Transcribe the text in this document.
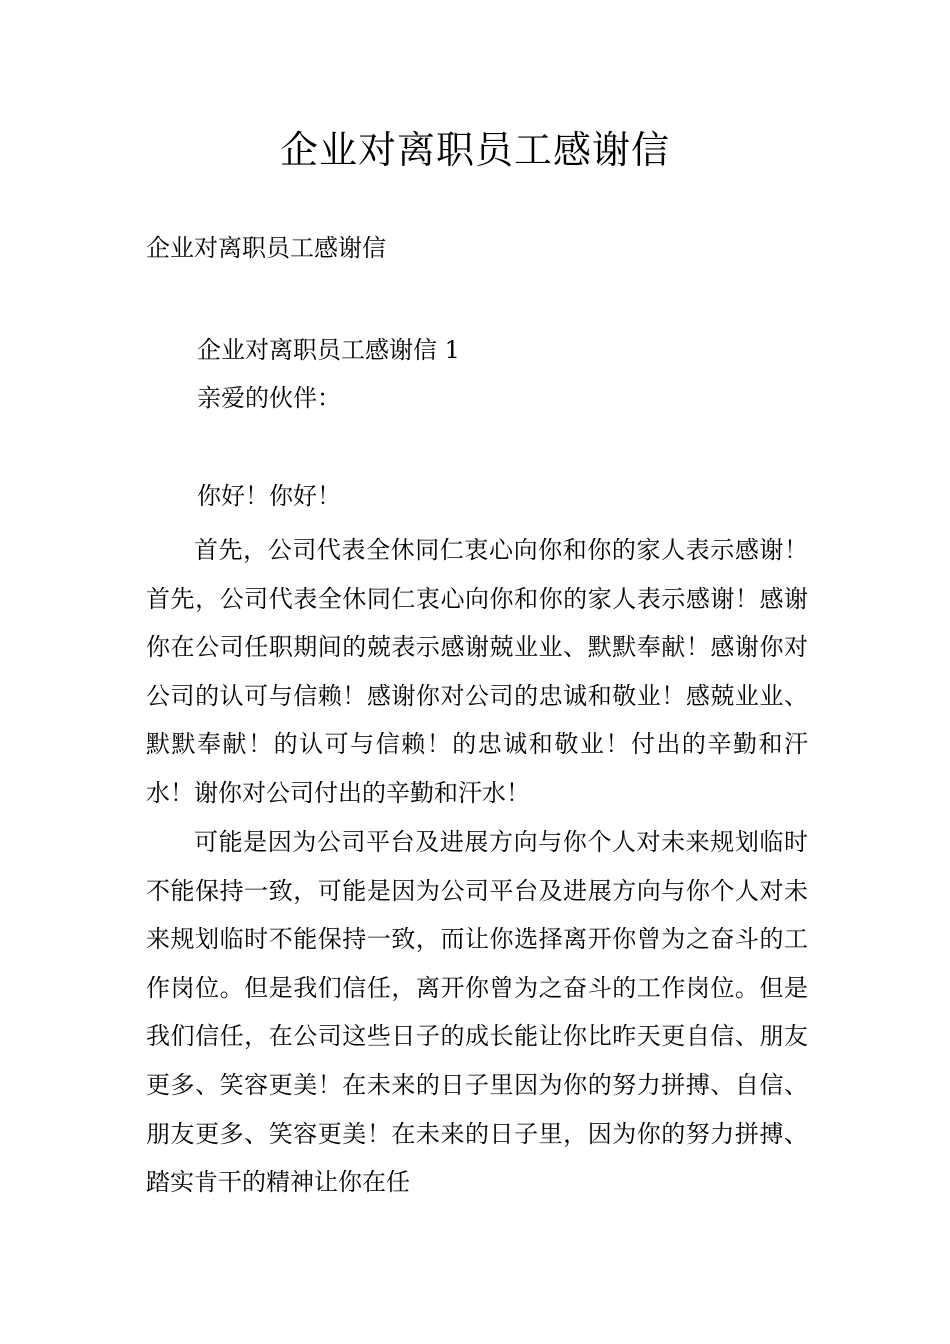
企业对离职员工感谢信
企业对离职员工感谢信
企业对离职员工感谢信 1
亲爱的伙伴：
你好！你好！

首先，公司代表全休同仁衷心向你和你的家人表示感谢！首先，公司代表全休同仁衷心向你和你的家人表示感谢！感谢你在公司任职期间的兢表示感谢兢业业、默默奉献！感谢你对公司的认可与信赖！感谢你对公司的忠诚和敬业！感兢业业、默默奉献！的认可与信赖！的忠诚和敬业！付出的辛勤和汗水！谢你对公司付出的辛勤和汗水！

可能是因为公司平台及进展方向与你个人对未来规划临时不能保持一致，可能是因为公司平台及进展方向与你个人对未来规划临时不能保持一致，而让你选择离开你曾为之奋斗的工作岗位。但是我们信任，离开你曾为之奋斗的工作岗位。但是我们信任，在公司这些日子的成长能让你比昨天更自信、朋友更多、笑容更美！在未来的日子里因为你的努力拼搏、自信、朋友更多、笑容更美！在未来的日子里，因为你的努力拼搏、踏实肯干的精神让你在任
